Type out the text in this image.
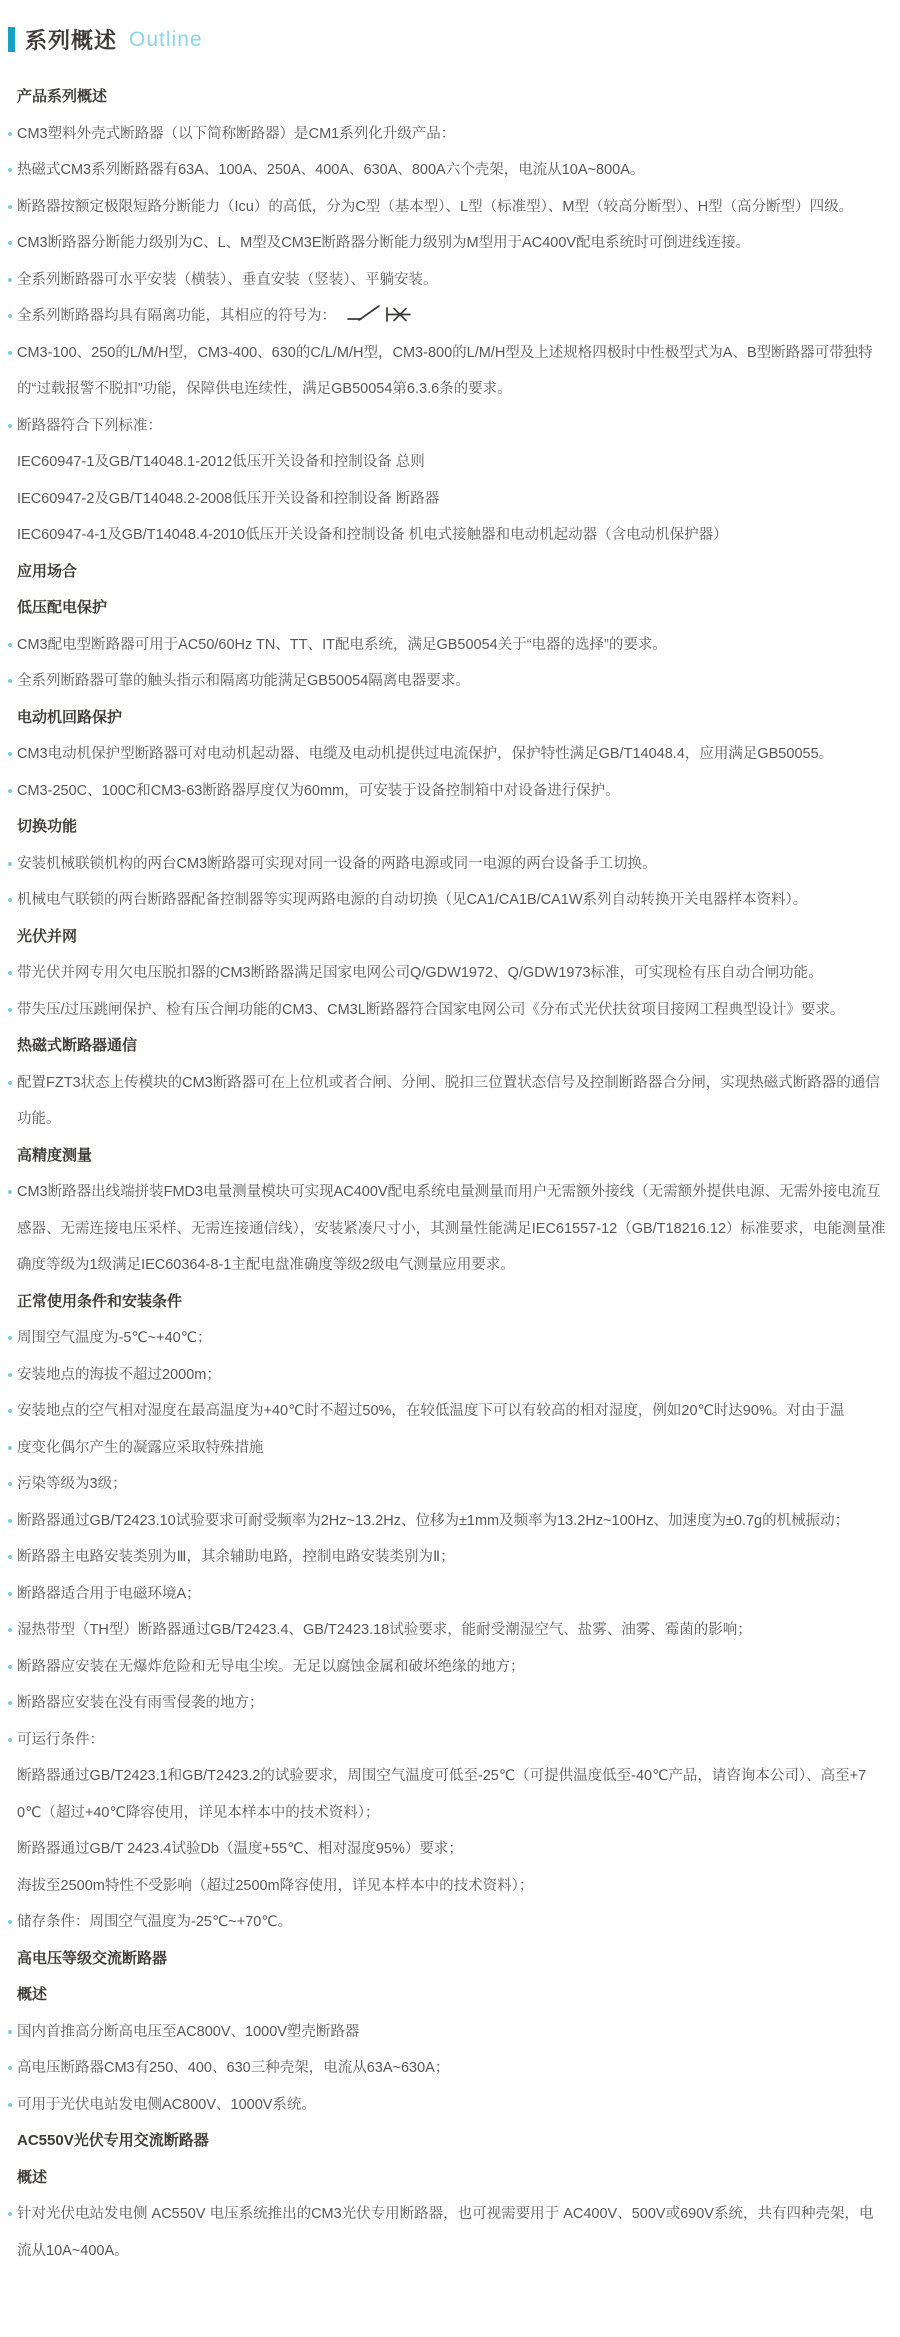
系列概述 Outline

产品系列概述

CM3塑料外壳式断路器（以下简称断路器）是CM1系列化升级产品：

热磁式CM3系列断路器有63A、100A、250A、400A、630A、800A六个壳架，电流从10A~800A。

断路器按额定极限短路分断能力（Icu）的高低，分为C型（基本型）、L型（标准型）、M型（较高分断型）、H型（高分断型）四级。

CM3断路器分断能力级别为C、L、M型及CM3E断路器分断能力级别为M型用于AC400V配电系统时可倒进线连接。

全系列断路器可水平安装（横装）、垂直安装（竖装）、平躺安装。

全系列断路器均具有隔离功能，其相应的符号为：

CM3-100、250的L/M/H型，CM3-400、630的C/L/M/H型，CM3-800的L/M/H型及上述规格四极时中性极型式为A、B型断路器可带独特的“过载报警不脱扣”功能，保障供电连续性，满足GB50054第6.3.6条的要求。

断路器符合下列标准：

IEC60947-1及GB/T14048.1-2012低压开关设备和控制设备 总则

IEC60947-2及GB/T14048.2-2008低压开关设备和控制设备 断路器

IEC60947-4-1及GB/T14048.4-2010低压开关设备和控制设备 机电式接触器和电动机起动器（含电动机保护器）

应用场合

低压配电保护

CM3配电型断路器可用于AC50/60Hz TN、TT、IT配电系统，满足GB50054关于“电器的选择”的要求。

全系列断路器可靠的触头指示和隔离功能满足GB50054隔离电器要求。

电动机回路保护

CM3电动机保护型断路器可对电动机起动器、电缆及电动机提供过电流保护，保护特性满足GB/T14048.4，应用满足GB50055。

CM3-250C、100C和CM3-63断路器厚度仅为60mm，可安装于设备控制箱中对设备进行保护。

切换功能

安装机械联锁机构的两台CM3断路器可实现对同一设备的两路电源或同一电源的两台设备手工切换。

机械电气联锁的两台断路器配备控制器等实现两路电源的自动切换（见CA1/CA1B/CA1W系列自动转换开关电器样本资料）。

光伏并网

带光伏并网专用欠电压脱扣器的CM3断路器满足国家电网公司Q/GDW1972、Q/GDW1973标准，可实现检有压自动合闸功能。

带失压/过压跳闸保护、检有压合闸功能的CM3、CM3L断路器符合国家电网公司《分布式光伏扶贫项目接网工程典型设计》要求。

热磁式断路器通信

配置FZT3状态上传模块的CM3断路器可在上位机或者合闸、分闸、脱扣三位置状态信号及控制断路器合分闸，实现热磁式断路器的通信功能。

高精度测量

CM3断路器出线端拼装FMD3电量测量模块可实现AC400V配电系统电量测量而用户无需额外接线（无需额外提供电源、无需外接电流互感器、无需连接电压采样、无需连接通信线），安装紧凑尺寸小，其测量性能满足IEC61557-12（GB/T18216.12）标准要求，电能测量准确度等级为1级满足IEC60364-8-1主配电盘准确度等级2级电气测量应用要求。

正常使用条件和安装条件

周围空气温度为-5℃~+40℃；

安装地点的海拔不超过2000m；

安装地点的空气相对湿度在最高温度为+40℃时不超过50%，在较低温度下可以有较高的相对湿度，例如20℃时达90%。对由于温

度变化偶尔产生的凝露应采取特殊措施

污染等级为3级；

断路器通过GB/T2423.10试验要求可耐受频率为2Hz~13.2Hz、位移为±1mm及频率为13.2Hz~100Hz、加速度为±0.7g的机械振动；

断路器主电路安装类别为Ⅲ，其余辅助电路，控制电路安装类别为Ⅱ；

断路器适合用于电磁环境A；

湿热带型（TH型）断路器通过GB/T2423.4、GB/T2423.18试验要求，能耐受潮湿空气、盐雾、油雾、霉菌的影响；

断路器应安装在无爆炸危险和无导电尘埃。无足以腐蚀金属和破坏绝缘的地方；

断路器应安装在没有雨雪侵袭的地方；

可运行条件：

断路器通过GB/T2423.1和GB/T2423.2的试验要求，周围空气温度可低至-25℃（可提供温度低至-40℃产品，请咨询本公司）、高至+70℃（超过+40℃降容使用，详见本样本中的技术资料）；

断路器通过GB/T 2423.4试验Db（温度+55℃、相对湿度95%）要求；

海拔至2500m特性不受影响（超过2500m降容使用，详见本样本中的技术资料）；

储存条件：周围空气温度为-25℃~+70℃。

高电压等级交流断路器

概述

国内首推高分断高电压至AC800V、1000V塑壳断路器

高电压断路器CM3有250、400、630三种壳架，电流从63A~630A；

可用于光伏电站发电侧AC800V、1000V系统。

AC550V光伏专用交流断路器

概述

针对光伏电站发电侧 AC550V 电压系统推出的CM3光伏专用断路器，也可视需要用于 AC400V、500V或690V系统，共有四种壳架，电流从10A~400A。
